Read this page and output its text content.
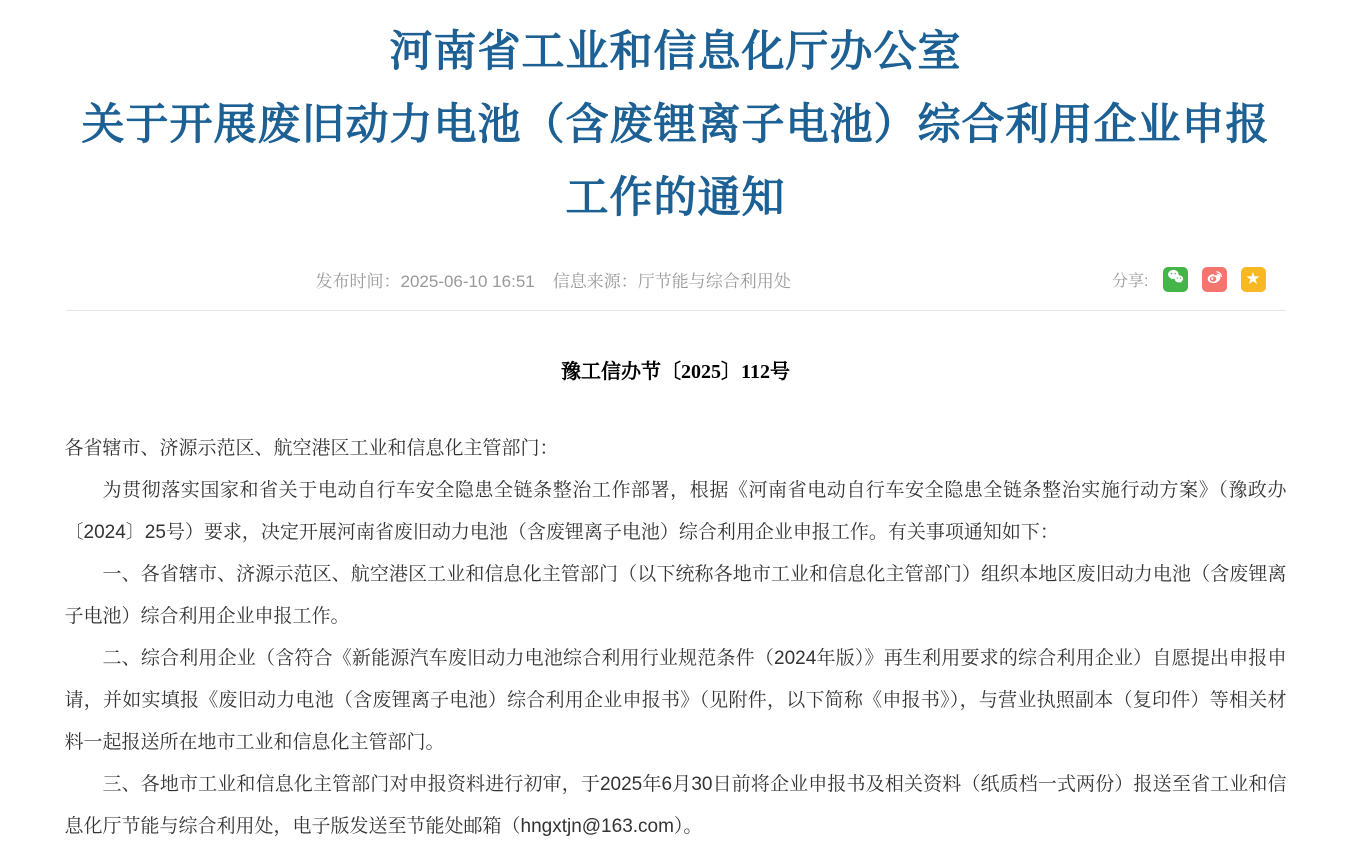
河南省工业和信息化厅办公室
关于开展废旧动力电池（含废锂离子电池）综合利用企业申报
工作的通知
发布时间：2025-06-10 16:51 信息来源：厅节能与综合利用处	分享:	★
豫工信办节〔2025〕112号

各省辖市、济源示范区、航空港区工业和信息化主管部门：

为贯彻落实国家和省关于电动自行车安全隐患全链条整治工作部署，根据《河南省电动自行车安全隐患全链条整治实施行动方案》（豫政办〔2024〕25号）要求，决定开展河南省废旧动力电池（含废锂离子电池）综合利用企业申报工作。有关事项通知如下：

一、各省辖市、济源示范区、航空港区工业和信息化主管部门（以下统称各地市工业和信息化主管部门）组织本地区废旧动力电池（含废锂离子电池）综合利用企业申报工作。

二、综合利用企业（含符合《新能源汽车废旧动力电池综合利用行业规范条件（2024年版）》再生利用要求的综合利用企业）自愿提出申报申请，并如实填报《废旧动力电池（含废锂离子电池）综合利用企业申报书》（见附件，以下简称《申报书》），与营业执照副本（复印件）等相关材料一起报送所在地市工业和信息化主管部门。

三、各地市工业和信息化主管部门对申报资料进行初审，于2025年6月30日前将企业申报书及相关资料（纸质档一式两份）报送至省工业和信息化厅节能与综合利用处，电子版发送至节能处邮箱（hngxtjn@163.com）。
